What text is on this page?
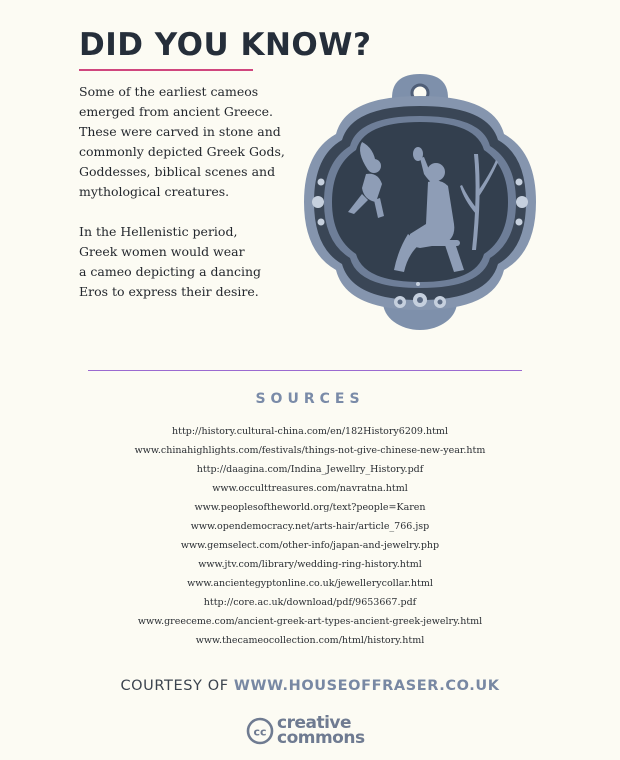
DID YOU KNOW?

Some of the earliest cameos
emerged from ancient Greece.
These were carved in stone and
commonly depicted Greek Gods,
Goddesses, biblical scenes and
mythological creatures.

In the Hellenistic period,
Greek women would wear
a cameo depicting a dancing
Eros to express their desire.

SOURCES
http://history.cultural-china.com/en/182History6209.html
www.chinahighlights.com/festivals/things-not-give-chinese-new-year.htm
http://daagina.com/Indina_Jewellry_History.pdf
www.occulttreasures.com/navratna.html
www.peoplesoftheworld.org/text?people=Karen
www.opendemocracy.net/arts-hair/article_766.jsp
www.gemselect.com/other-info/japan-and-jewelry.php
www.jtv.com/library/wedding-ring-history.html
www.ancientegyptonline.co.uk/jewellerycollar.html
http://core.ac.uk/download/pdf/9653667.pdf
www.greeceme.com/ancient-greek-art-types-ancient-greek-jewelry.html
www.thecameocollection.com/html/history.html
COURTESY OF WWW.HOUSEOFFRASER.CO.UK
cc creative
commons
